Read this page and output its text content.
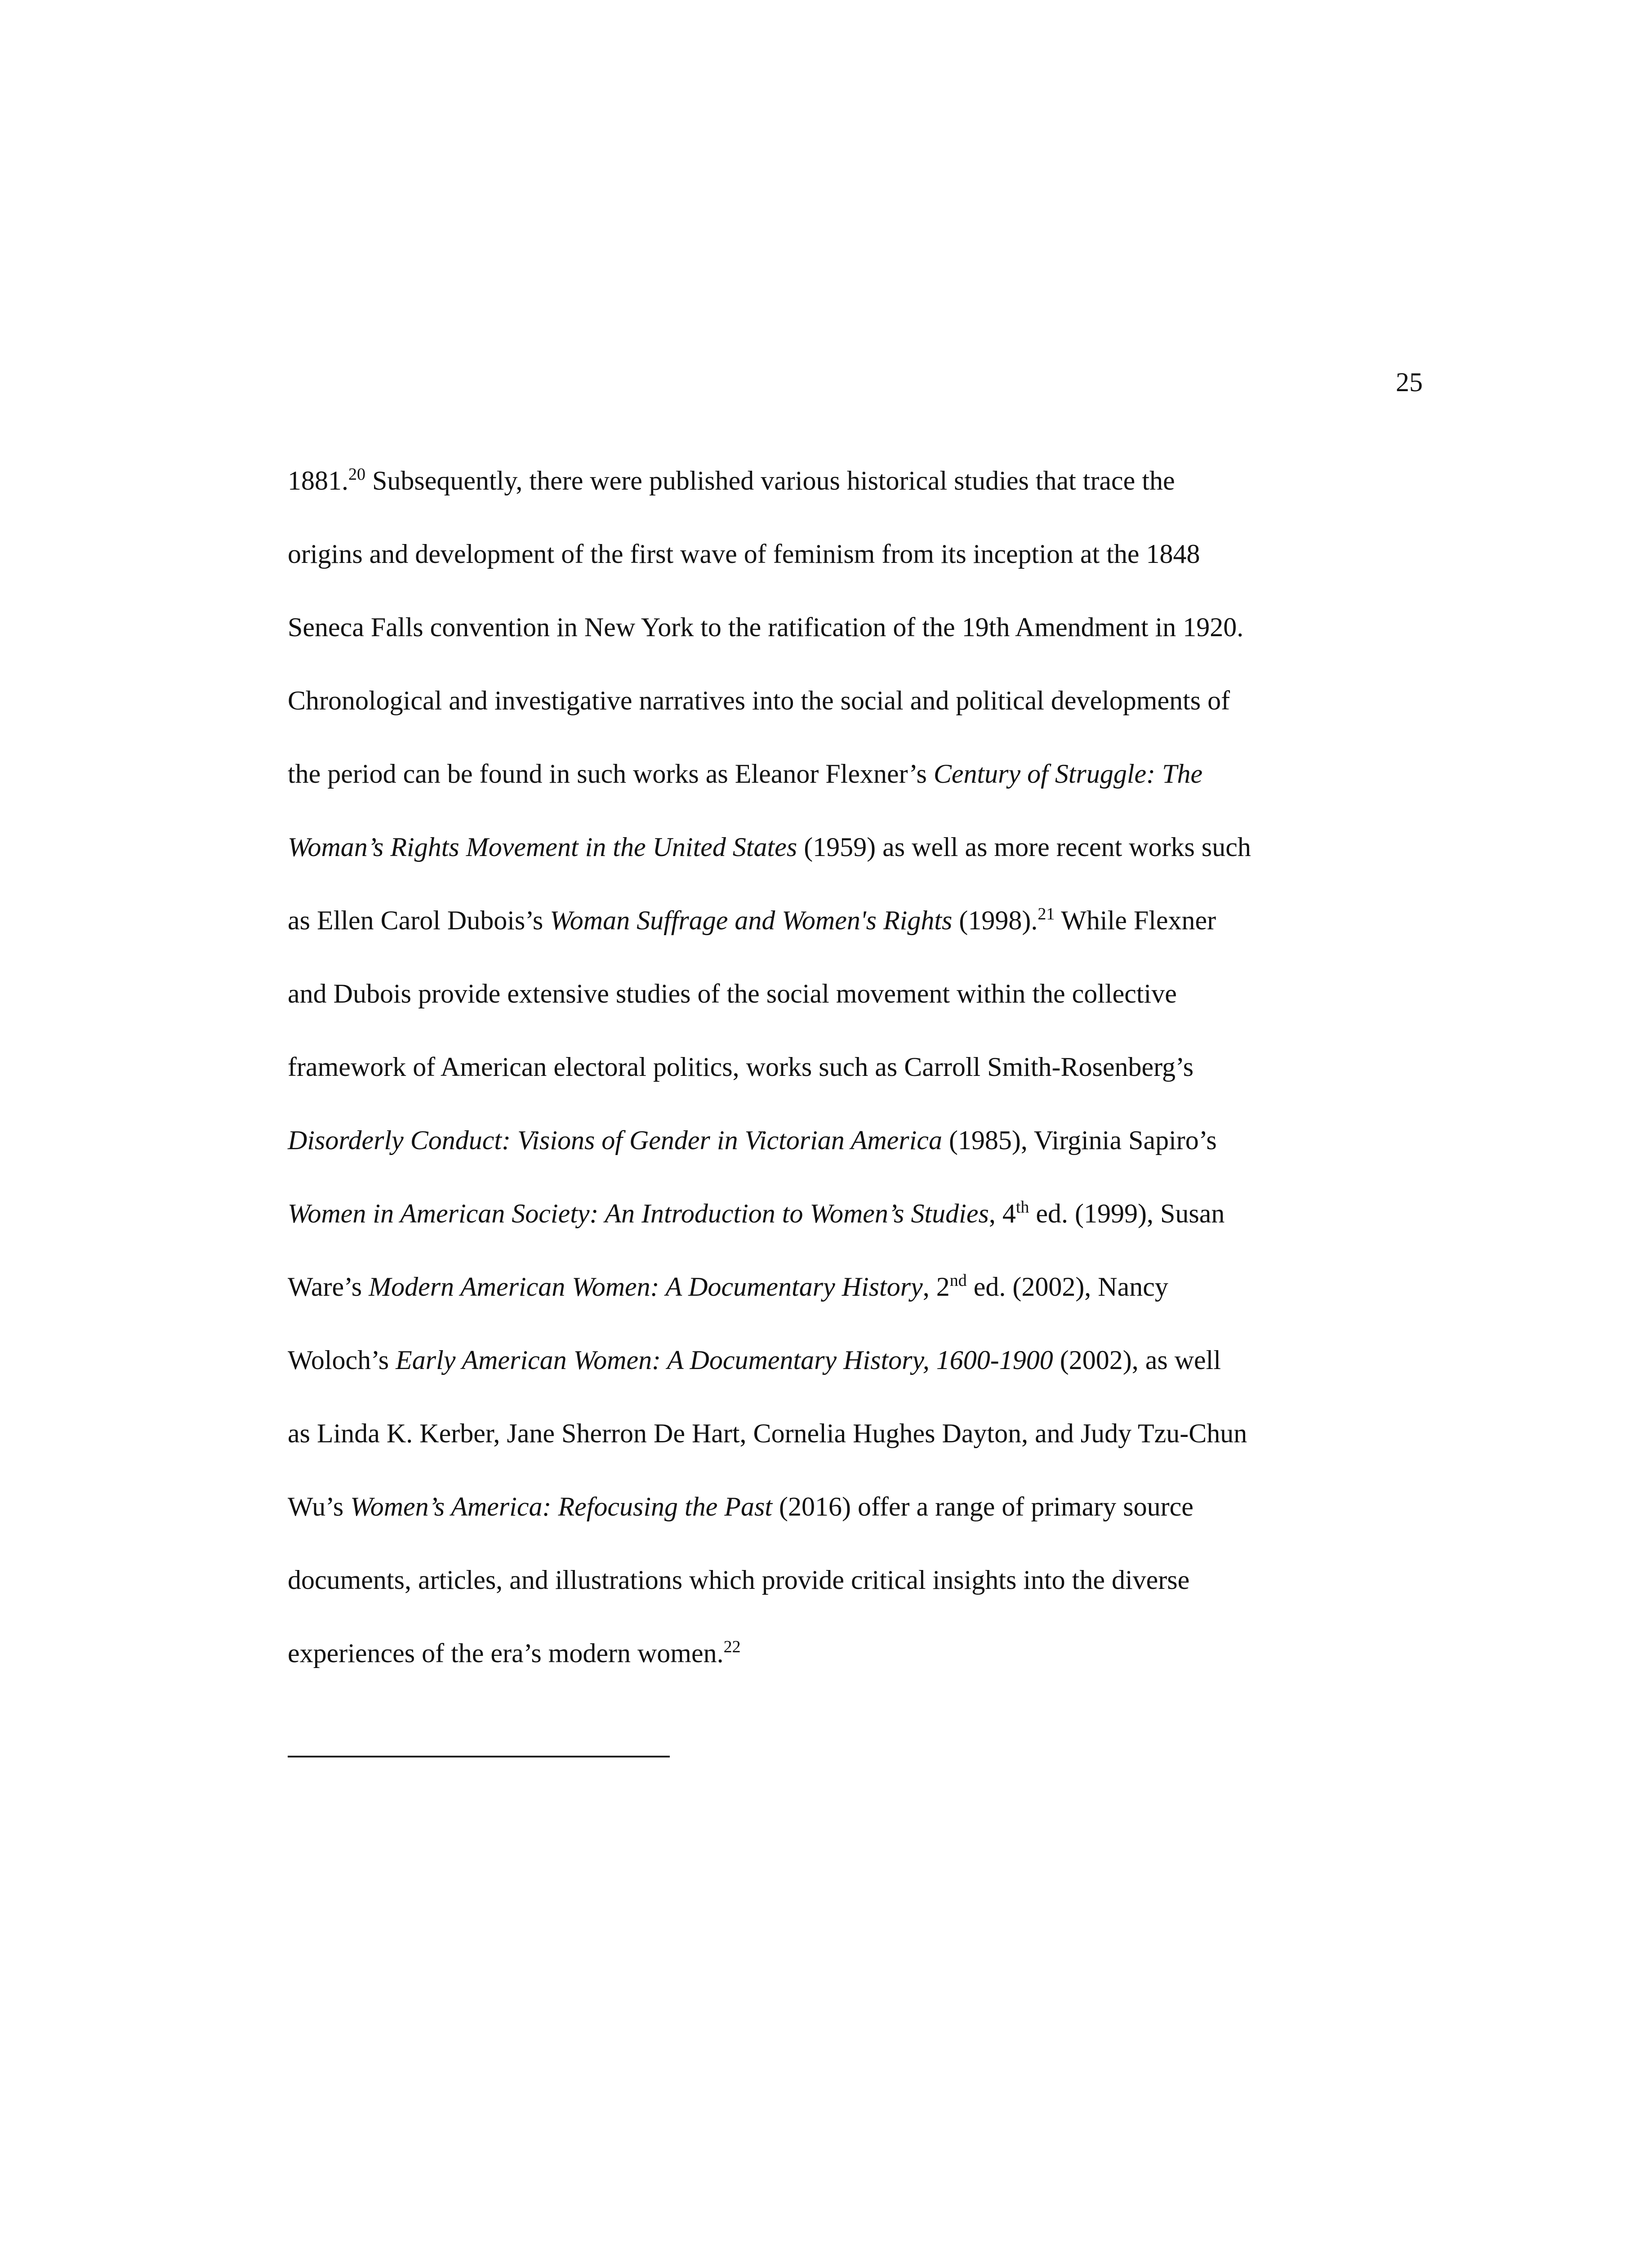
25

1881.20 Subsequently, there were published various historical studies that trace the
origins and development of the first wave of feminism from its inception at the 1848
Seneca Falls convention in New York to the ratification of the 19th Amendment in 1920.
Chronological and investigative narratives into the social and political developments of
the period can be found in such works as Eleanor Flexner’s Century of Struggle: The
Woman’s Rights Movement in the United States (1959) as well as more recent works such
as Ellen Carol Dubois’s Woman Suffrage and Women's Rights (1998).$^{21}$ While Flexner
and Dubois provide extensive studies of the social movement within the collective
framework of American electoral politics, works such as Carroll Smith-Rosenberg’s
Disorderly Conduct: Visions of Gender in Victorian America (1985), Virginia Sapiro’s
Women in American Society: An Introduction to Women’s Studies, 4th ed. (1999), Susan
Ware’s Modern American Women: A Documentary History, 2nd ed. (2002), Nancy
Woloch’s Early American Women: A Documentary History, 1600-1900 (2002), as well
as Linda K. Kerber, Jane Sherron De Hart, Cornelia Hughes Dayton, and Judy Tzu-Chun
Wu’s Women’s America: Refocusing the Past (2016) offer a range of primary source
documents, articles, and illustrations which provide critical insights into the diverse
experiences of the era’s modern women.$^{22}$
